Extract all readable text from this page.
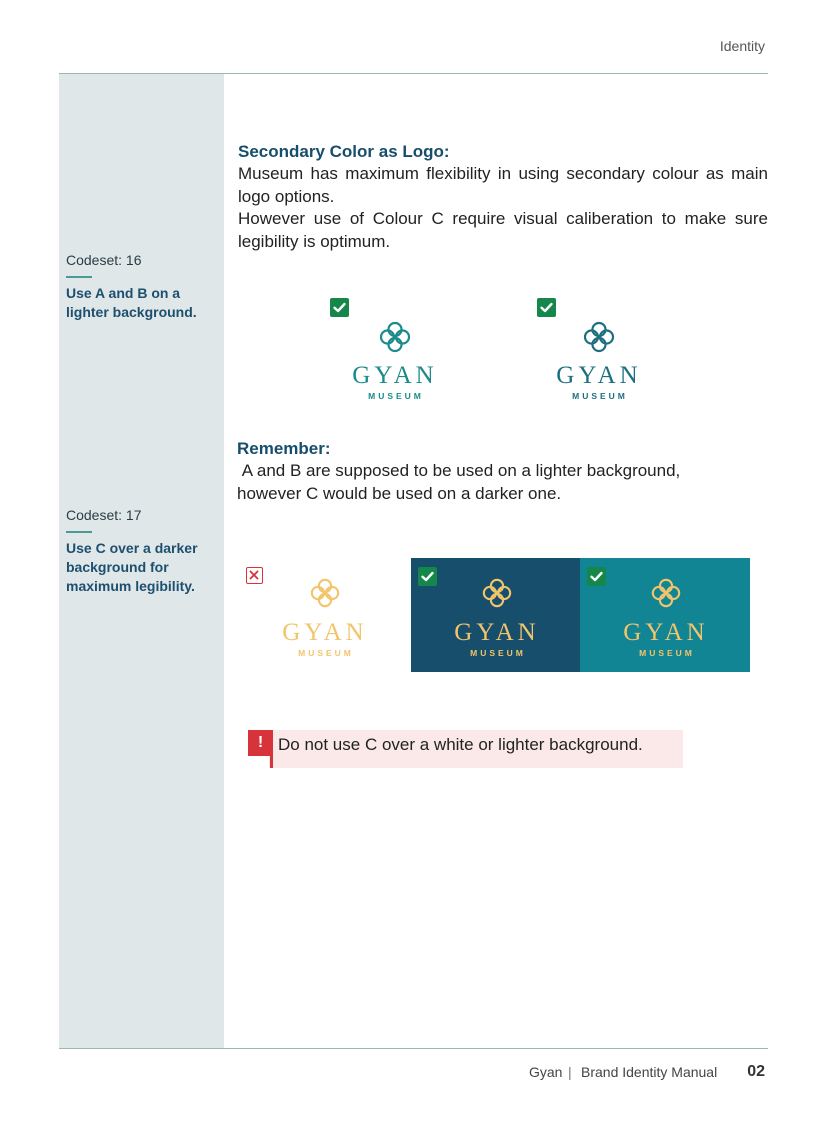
Identity
Codeset: 16
Use A and B on a lighter background.
Codeset: 17
Use C over a darker background for maximum legibility.
Secondary Color as Logo:
Museum has maximum flexibility in using secondary colour as main logo options.
However use of Colour C require visual caliberation to make sure legibility is optimum.
GYAN
MUSEUM
GYAN
MUSEUM
Remember:
A and B are supposed to be used on a lighter background, however C would be used on a darker one.
GYAN
MUSEUM
GYAN
MUSEUM
GYAN
MUSEUM
! Do not use C over a white or lighter background.
Gyan | Brand Identity Manual 02
